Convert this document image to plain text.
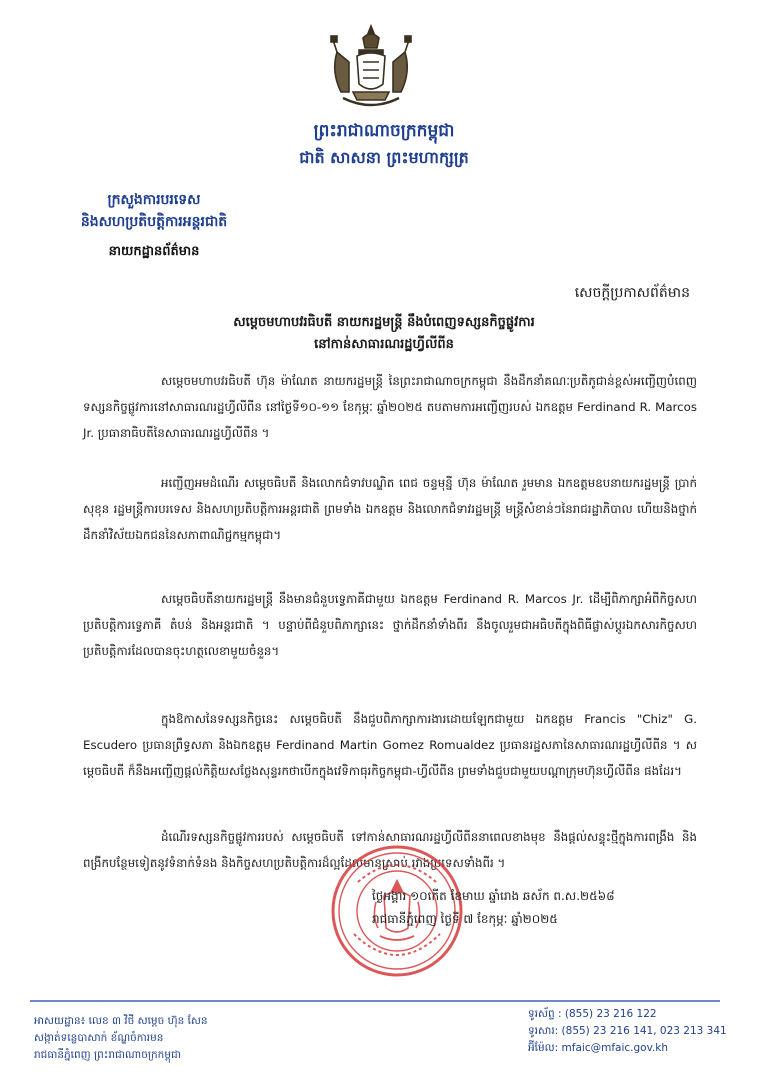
ព្រះរាជាណាចក្រកម្ពុជា
ជាតិ សាសនា ព្រះមហាក្សត្រ
ក្រសួងការបរទេស
និងសហប្រតិបត្តិការអន្តរជាតិ
នាយកដ្ឋានព័ត៌មាន
សេចក្តីប្រកាសព័ត៌មាន
សម្តេចមហាបវរធិបតី នាយករដ្ឋមន្ត្រី នឹងបំពេញទស្សនកិច្ចផ្លូវការ
នៅកាន់សាធារណរដ្ឋហ្វីលីពីន
សម្តេចមហាបវរធិបតី ហ៊ុន ម៉ាណែត នាយករដ្ឋមន្ត្រី នៃព្រះរាជាណាចក្រកម្ពុជា នឹងដឹកនាំគណៈប្រតិភូជាន់ខ្ពស់អញ្ជើញបំពេញទស្សនកិច្ចផ្លូវការនៅសាធារណរដ្ឋហ្វីលីពីន នៅថ្ងៃទី១០-១១ ខែកុម្ភៈ ឆ្នាំ២០២៥ តបតាមការអញ្ជើញរបស់ ឯកឧត្តម Ferdinand R. Marcos Jr. ប្រធានាធិបតីនៃសាធារណរដ្ឋហ្វីលីពីន ។
អញ្ជើញអមដំណើរ សម្តេចធិបតី និងលោកជំទាវបណ្ឌិត ពេជ ចន្ទមុន្នី ហ៊ុន ម៉ាណែត រួមមាន ឯកឧត្តមឧបនាយករដ្ឋមន្ត្រី ប្រាក់ សុខុន រដ្ឋមន្ត្រីការបរទេស និងសហប្រតិបត្តិការអន្តរជាតិ ព្រមទាំង ឯកឧត្តម និងលោកជំទាវរដ្ឋមន្ត្រី មន្ត្រីសំខាន់ៗនៃរាជរដ្ឋាភិបាល ហើយនិងថ្នាក់ដឹកនាំវិស័យឯកជននៃសភាពាណិជ្ជកម្មកម្ពុជា។
សម្តេចធិបតីនាយករដ្ឋមន្ត្រី នឹងមានជំនួបទ្វេភាគីជាមួយ ឯកឧត្តម Ferdinand R. Marcos Jr. ដើម្បីពិភាក្សាអំពីកិច្ចសហប្រតិបត្តិការទ្វេភាគី តំបន់ និងអន្តរជាតិ ។ បន្ទាប់ពីជំនួបពិភាក្សានេះ ថ្នាក់ដឹកនាំទាំងពីរ នឹងចូលរួមជាអធិបតីក្នុងពិធីផ្លាស់ប្តូរឯកសារកិច្ចសហប្រតិបត្តិការដែលបានចុះហត្ថលេខាមួយចំនួន។
ក្នុងឱកាសនៃទស្សនកិច្ចនេះ សម្តេចធិបតី នឹងជួបពិភាក្សាការងារដោយឡែកជាមួយ ឯកឧត្តម Francis "Chiz" G. Escudero ប្រធានព្រឹទ្ធសភា និងឯកឧត្តម Ferdinand Martin Gomez Romualdez ប្រធានរដ្ឋសភានៃសាធារណរដ្ឋហ្វីលីពីន ។ សម្តេចធិបតី ក៏នឹងអញ្ជើញផ្តល់កិត្តិយសថ្លែងសុន្ទរកថាបើកក្នុងវេទិកាធុរកិច្ចកម្ពុជា-ហ្វីលីពីន ព្រមទាំងជួបជាមួយបណ្តាក្រុមហ៊ុនហ្វីលីពីន ផងដែរ។
ដំណើរទស្សនកិច្ចផ្លូវការរបស់ សម្តេចធិបតី ទៅកាន់សាធារណរដ្ឋហ្វីលីពីននាពេលខាងមុខ នឹងផ្តល់សន្ទុះថ្មីក្នុងការពង្រឹង និងពង្រីកបន្ថែមទៀតនូវទំនាក់ទំនង និងកិច្ចសហប្រតិបត្តិការដ៏ល្អដែលមានស្រាប់ រវាងប្រទេសទាំងពីរ ។
ថ្ងៃអង្គារ ១០កើត ខែមាឃ ឆ្នាំរោង ឆស័ក ព.ស.២៥៦៨
រាជធានីភ្នំពេញ ថ្ងៃទី ៧ ខែកុម្ភៈ ឆ្នាំ២០២៥
អាសយដ្ឋាន៖ លេខ ៣ វិថី សម្តេច ហ៊ុន សែន
សង្កាត់ទន្លេបាសាក់ ខ័ណ្ឌចំការមន
រាជធានីភ្នំពេញ ព្រះរាជាណាចក្រកម្ពុជា
ទូរស័ព្ទ : (855) 23 216 122
ទូរសារ: (855) 23 216 141, 023 213 341
អ៊ីម៉ែល: mfaic@mfaic.gov.kh
